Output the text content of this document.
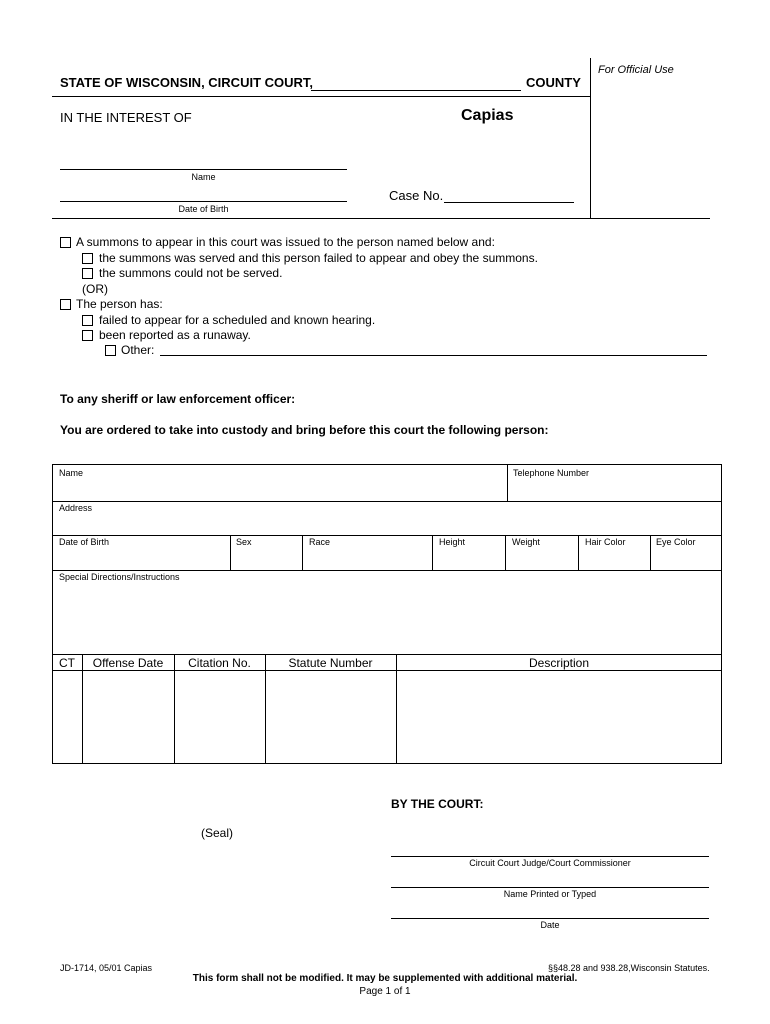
For Official Use
STATE OF WISCONSIN, CIRCUIT COURT,	COUNTY
IN THE INTEREST OF	Capias
Name
Case No.
Date of Birth
A summons to appear in this court was issued to the person named below and:
the summons was served and this person failed to appear and obey the summons.
the summons could not be served.
(OR)
The person has:
failed to appear for a scheduled and known hearing.
been reported as a runaway.
Other:
To any sheriff or law enforcement officer:
You are ordered to take into custody and bring before this court the following person:
Name	Telephone Number
Address
Date of Birth	Sex	Race	Height	Weight	Hair Color	Eye Color
Special Directions/Instructions
CT	Offense Date	Citation No.	Statute Number	Description
BY THE COURT:
(Seal)
Circuit Court Judge/Court Commissioner
Name Printed or Typed
Date
JD-1714, 05/01 Capias	§§48.28 and 938.28,Wisconsin Statutes.
This form shall not be modified. It may be supplemented with additional material.
Page 1 of 1
